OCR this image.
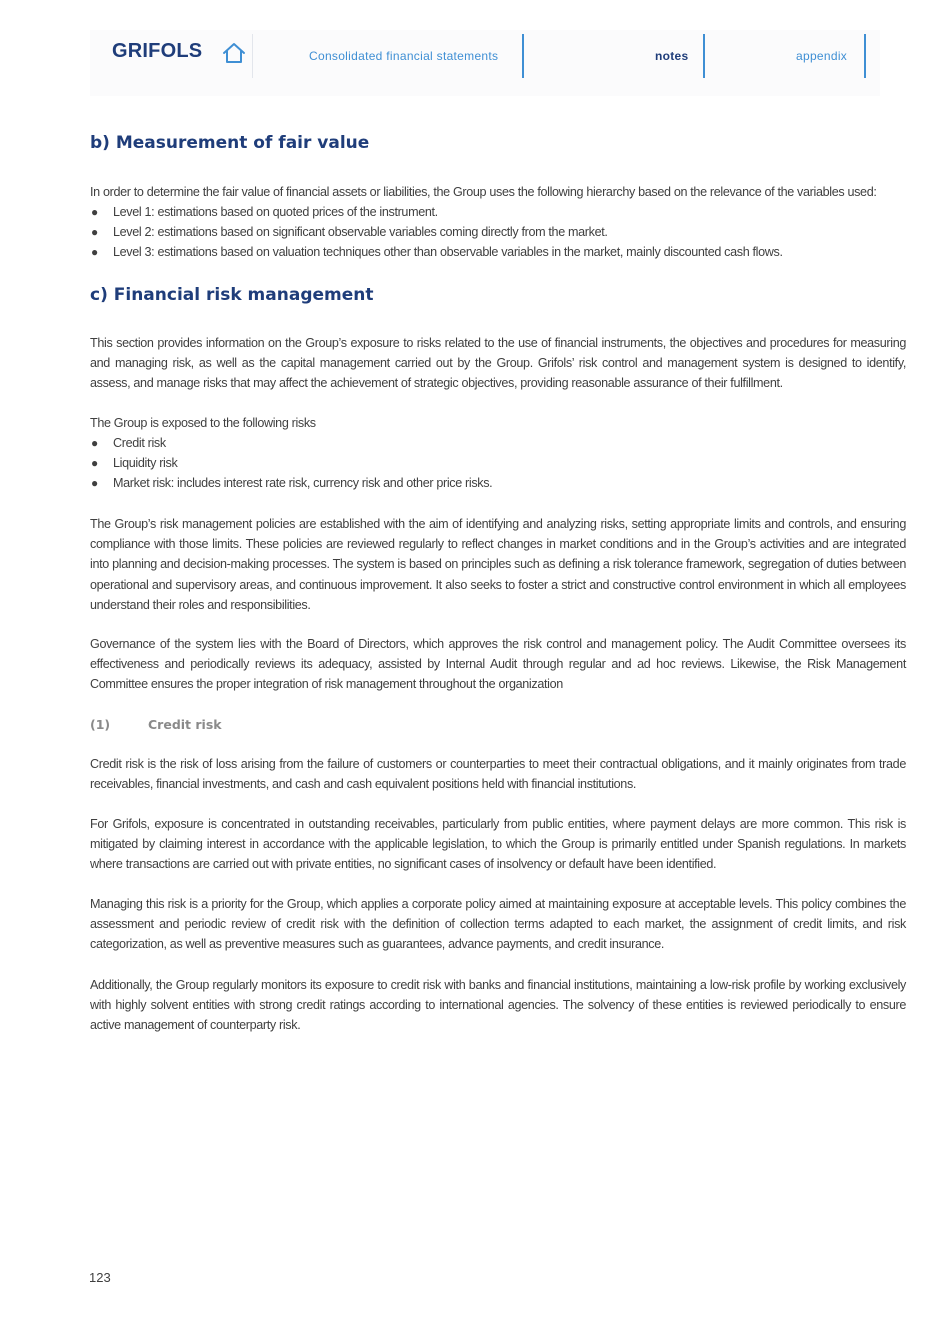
GRIFOLS	Consolidated financial statements	notes	appendix
b) Measurement of fair value
In order to determine the fair value of financial assets or liabilities, the Group uses the following hierarchy based on the relevance of the variables used:
● Level 1: estimations based on quoted prices of the instrument.
● Level 2: estimations based on significant observable variables coming directly from the market.
● Level 3: estimations based on valuation techniques other than observable variables in the market, mainly discounted cash flows.
c) Financial risk management
This section provides information on the Group’s exposure to risks related to the use of financial instruments, the objectives and procedures for measuring and managing risk, as well as the capital management carried out by the Group. Grifols’ risk control and management system is designed to identify, assess, and manage risks that may affect the achievement of strategic objectives, providing reasonable assurance of their fulfillment.
The Group is exposed to the following risks
● Credit risk
● Liquidity risk
● Market risk: includes interest rate risk, currency risk and other price risks.
The Group’s risk management policies are established with the aim of identifying and analyzing risks, setting appropriate limits and controls, and ensuring compliance with those limits. These policies are reviewed regularly to reflect changes in market conditions and in the Group’s activities and are integrated into planning and decision-making processes. The system is based on principles such as defining a risk tolerance framework, segregation of duties between operational and supervisory areas, and continuous improvement. It also seeks to foster a strict and constructive control environment in which all employees understand their roles and responsibilities.
Governance of the system lies with the Board of Directors, which approves the risk control and management policy. The Audit Committee oversees its effectiveness and periodically reviews its adequacy, assisted by Internal Audit through regular and ad hoc reviews. Likewise, the Risk Management Committee ensures the proper integration of risk management throughout the organization
(1)	Credit risk
Credit risk is the risk of loss arising from the failure of customers or counterparties to meet their contractual obligations, and it mainly originates from trade receivables, financial investments, and cash and cash equivalent positions held with financial institutions.
For Grifols, exposure is concentrated in outstanding receivables, particularly from public entities, where payment delays are more common. This risk is mitigated by claiming interest in accordance with the applicable legislation, to which the Group is primarily entitled under Spanish regulations. In markets where transactions are carried out with private entities, no significant cases of insolvency or default have been identified.
Managing this risk is a priority for the Group, which applies a corporate policy aimed at maintaining exposure at acceptable levels. This policy combines the assessment and periodic review of credit risk with the definition of collection terms adapted to each market, the assignment of credit limits, and risk categorization, as well as preventive measures such as guarantees, advance payments, and credit insurance.
Additionally, the Group regularly monitors its exposure to credit risk with banks and financial institutions, maintaining a low-risk profile by working exclusively with highly solvent entities with strong credit ratings according to international agencies. The solvency of these entities is reviewed periodically to ensure active management of counterparty risk.
123
